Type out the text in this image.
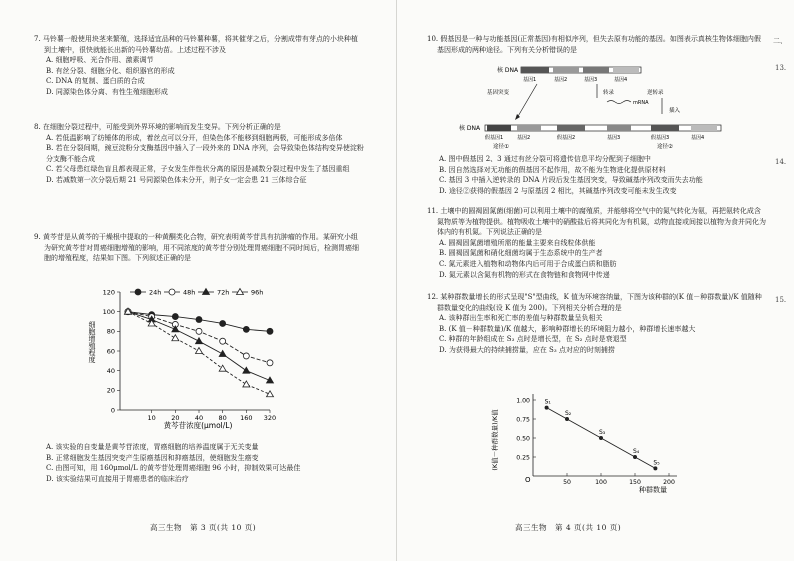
7. 马铃薯一般使用块茎来繁殖，选择适宜品种的马铃薯种薯，将其催芽之后，分割成带有芽点的小块种植到土壤中，很快就能长出新的马铃薯幼苗。上述过程不涉及
A. 细胞呼吸、光合作用、激素调节
B. 有丝分裂、细胞分化、组织器官的形成
C. DNA 的复制、蛋白质的合成
D. 同源染色体分离、有性生殖细胞形成
8. 在细胞分裂过程中，可能受到外界环境的影响而发生变异。下列分析正确的是
A. 若低温影响了纺锤体的形成，着丝点可以分开，但染色体不能移到细胞两极，可能形成多倍体
B. 若在分裂间期，豌豆淀粉分支酶基因中插入了一段外来的 DNA 序列，会导致染色体结构变异使淀粉分支酶不能合成
C. 若父母患红绿色盲且都表现正常，子女发生伴性状分离的原因是减数分裂过程中发生了基因重组
D. 若减数第一次分裂后期 21 号同源染色体未分开，则子女一定会患 21 三体综合征
9. 黄芩苷是从黄芩的干燥根中提取的一种黄酮类化合物，研究表明黄芩苷具有抗肿瘤的作用。某研究小组为研究黄芩苷对胃癌细胞增殖的影响，用不同浓度的黄芩苷分别处理胃癌细胞不同时间后，检测胃癌细胞的增殖程度，结果如下图。下列叙述正确的是
细胞增殖程度
0
20
40
60
80
100
120
10 20 40 80 160 320
24h	48h	72h	96h
黄芩苷浓度(μmol/L)
A. 该实验的自变量是黄芩苷浓度，胃癌细胞的培养温度属于无关变量
B. 正常细胞发生基因突变产生原癌基因和抑癌基因，使细胞发生癌变
C. 由图可知，用 160μmol/L 的黄芩苷处理胃癌细胞 96 小时，抑制效果可达最佳
D. 该实验结果可直接用于胃癌患者的临床治疗
高三生物　第 3 页(共 10 页)
10. 假基因是一种与功能基因(正常基因)有相似序列，但失去原有功能的基因。如图表示真核生物体细胞内假基因形成的两种途径。下列有关分析错误的是
核 DNA
基因1	基因2	基因3	基因4
基因突变	转录
mRNA
逆转录
插入
核 DNA
假基因1	基因2	假基因2	基因3	假基因3	基因4
途径①	途径②
A. 图中假基因 2、3 通过有丝分裂可将遗传信息平均分配到子细胞中
B. 因自然选择对无功能的假基因不起作用，故不能为生物进化提供原材料
C. 基因 3 中插入逆转录的 DNA 片段后发生基因突变，导致碱基序列改变而失去功能
D. 途径②获得的假基因 2 与原基因 2 相比，其碱基序列改变可能未发生改变
11. 土壤中的圆褐固氮菌(细菌)可以利用土壤中的腐殖质，并能够将空气中的氮气转化为氨，再把氨转化成含氮物质等为植物提供。植物吸收土壤中的硝酸盐后将其同化为有机氮，动物直接或间接以植物为食并同化为体内的有机氮。下列说法正确的是
A. 圆褐固氮菌增殖所需的能量主要来自线粒体供能
B. 圆褐固氮菌和硝化细菌均属于生态系统中的生产者
C. 氮元素进入植物和动物体内后可用于合成蛋白质和脂肪
D. 氮元素以含氮有机物的形式在食物链和食物网中传递
12. 某种群数量增长的形式呈现"S"型曲线，K 值为环境容纳量，下图为该种群的(K 值－种群数量)/K 值随种群数量变化的曲线(设 K 值为 200)。下列相关分析合理的是
A. 该种群出生率和死亡率的差值与种群数量呈负相关
B. (K 值－种群数量)/K 值越大，影响种群增长的环境阻力越小，种群增长速率越大
C. 种群的年龄组成在 S₃ 点时是增长型，在 S₂ 点时是衰退型
D. 为获得最大的持续捕捞量，应在 S₃ 点对应的时刻捕捞
(K值－种群数量)/K值	0.25
0.50
0.75
1.00
50	100	150	200
S₁
S₂
S₃
S₄
S₅
O
种群数量
高三生物　第 4 页(共 10 页)
二、
13.
14.
15.
